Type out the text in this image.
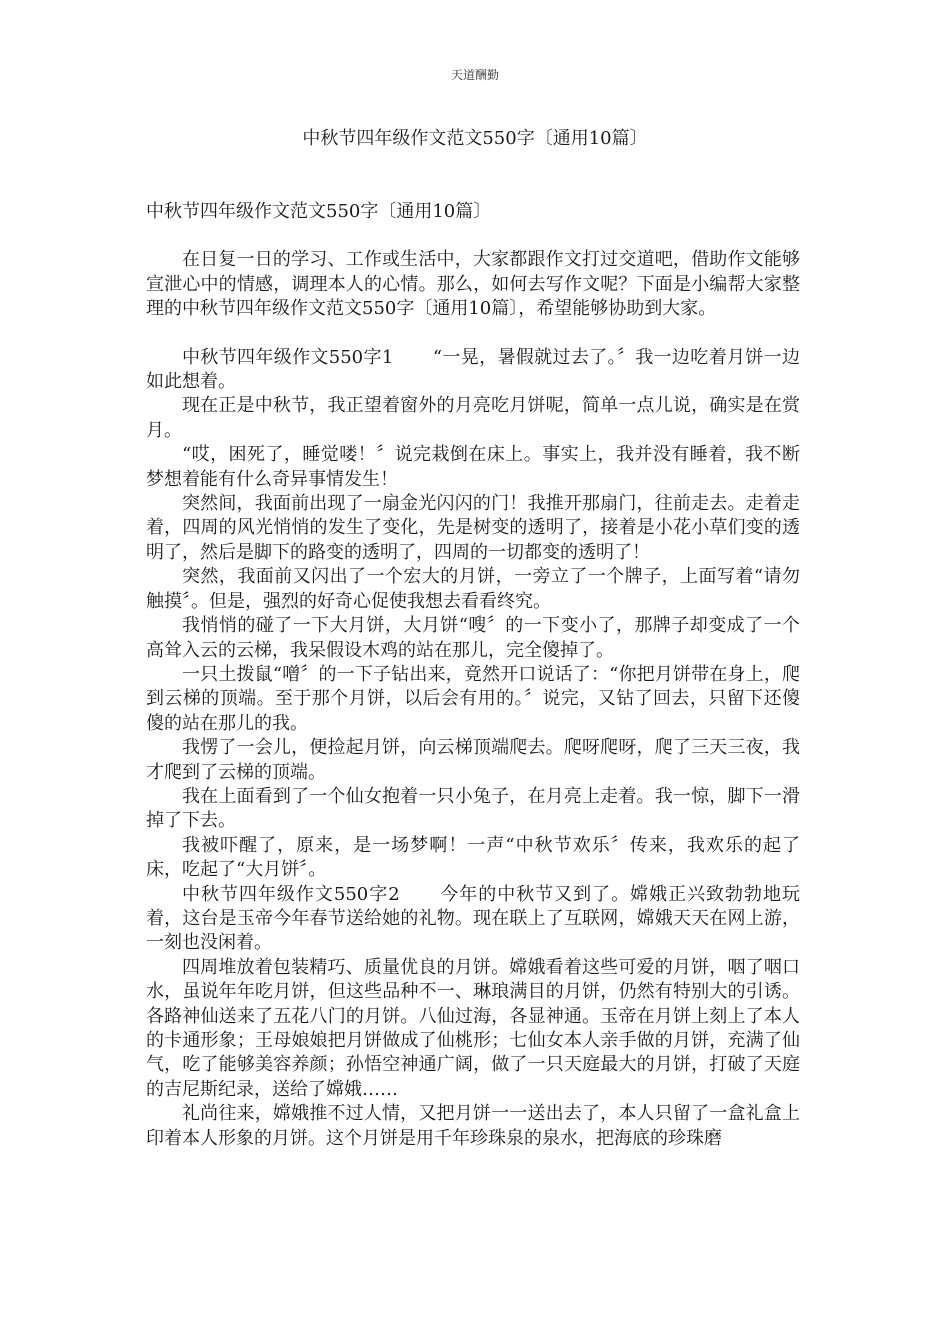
天道酬勤
中秋节四年级作文范文550字〔通用10篇〕

中秋节四年级作文范文550字〔通用10篇〕

在日复一日的学习、工作或生活中，大家都跟作文打过交道吧，借助作文能够宣泄心中的情感，调理本人的心情。那么，如何去写作文呢？下面是小编帮大家整理的中秋节四年级作文范文550字〔通用10篇〕，希望能够协助到大家。

中秋节四年级作文550字1 “一晃，暑假就过去了。〞我一边吃着月饼一边如此想着。

现在正是中秋节，我正望着窗外的月亮吃月饼呢，简单一点儿说，确实是在赏月。

“哎，困死了，睡觉喽！〞说完栽倒在床上。事实上，我并没有睡着，我不断梦想着能有什么奇异事情发生！

突然间，我面前出现了一扇金光闪闪的门！我推开那扇门，往前走去。走着走着，四周的风光悄悄的发生了变化，先是树变的透明了，接着是小花小草们变的透明了，然后是脚下的路变的透明了，四周的一切都变的透明了！

突然，我面前又闪出了一个宏大的月饼，一旁立了一个牌子，上面写着“请勿触摸〞。但是，强烈的好奇心促使我想去看看终究。

我悄悄的碰了一下大月饼，大月饼“嗖〞的一下变小了，那牌子却变成了一个高耸入云的云梯，我呆假设木鸡的站在那儿，完全傻掉了。

一只土拨鼠“噌〞的一下子钻出来，竟然开口说话了：“你把月饼带在身上，爬到云梯的顶端。至于那个月饼，以后会有用的。〞说完，又钻了回去，只留下还傻傻的站在那儿的我。

我愣了一会儿，便捡起月饼，向云梯顶端爬去。爬呀爬呀，爬了三天三夜，我才爬到了云梯的顶端。

我在上面看到了一个仙女抱着一只小兔子，在月亮上走着。我一惊，脚下一滑掉了下去。

我被吓醒了，原来，是一场梦啊！一声“中秋节欢乐〞传来，我欢乐的起了床，吃起了“大月饼〞。

中秋节四年级作文550字2 今年的中秋节又到了。嫦娥正兴致勃勃地玩着，这台是玉帝今年春节送给她的礼物。现在联上了互联网，嫦娥天天在网上游，一刻也没闲着。

四周堆放着包装精巧、质量优良的月饼。嫦娥看着这些可爱的月饼，咽了咽口水，虽说年年吃月饼，但这些品种不一、琳琅满目的月饼，仍然有特别大的引诱。各路神仙送来了五花八门的月饼。八仙过海，各显神通。玉帝在月饼上刻上了本人的卡通形象；王母娘娘把月饼做成了仙桃形；七仙女本人亲手做的月饼，充满了仙气，吃了能够美容养颜；孙悟空神通广阔，做了一只天庭最大的月饼，打破了天庭的吉尼斯纪录，送给了嫦娥……

礼尚往来，嫦娥推不过人情，又把月饼一一送出去了，本人只留了一盒礼盒上印着本人形象的月饼。这个月饼是用千年珍珠泉的泉水，把海底的珍珠磨
